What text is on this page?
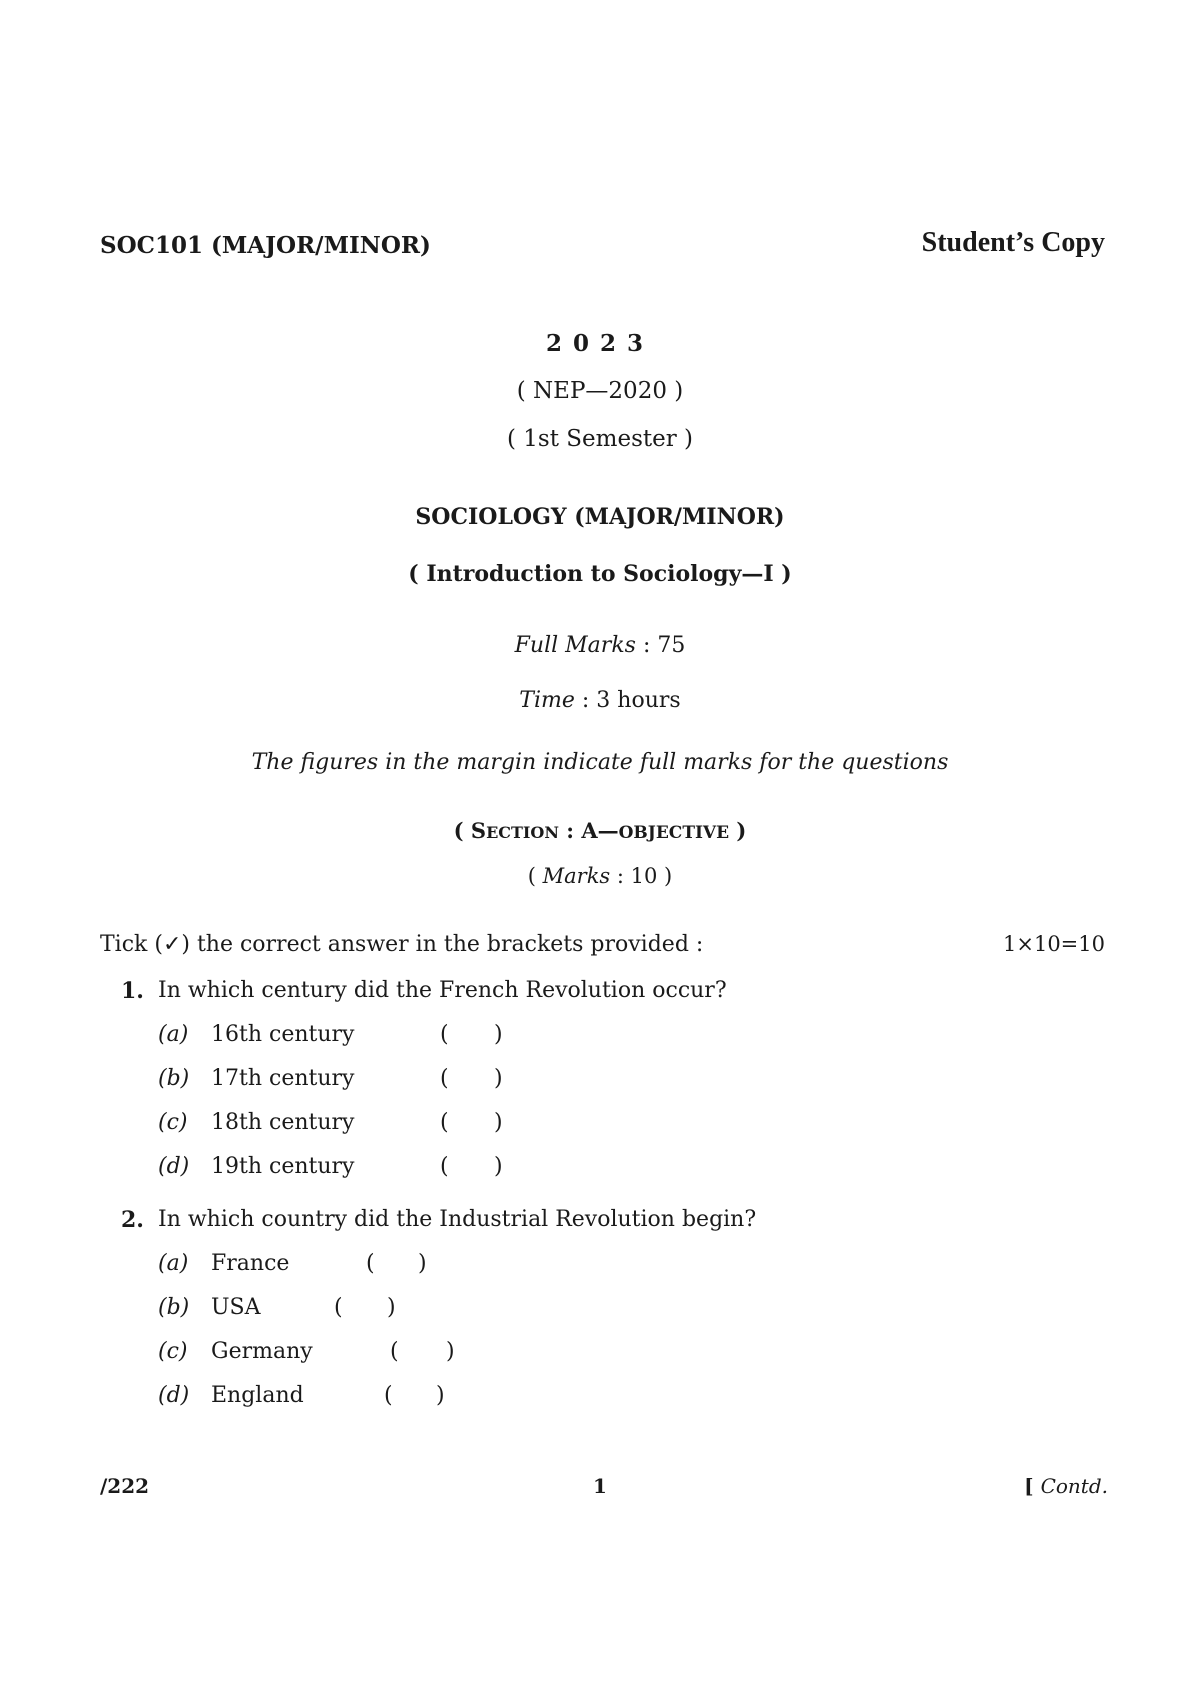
SOC101 (MAJOR/MINOR)	Student’s Copy
2023
( NEP—2020 )
( 1st Semester )
SOCIOLOGY (MAJOR/MINOR)
( Introduction to Sociology—I )
Full Marks : 75
Time : 3 hours
The figures in the margin indicate full marks for the questions
( SECTION : A—OBJECTIVE )
( Marks : 10 )
Tick (✓) the correct answer in the brackets provided :	1×10=10
1. In which century did the French Revolution occur?
(a) 16th century	( )
(b) 17th century	( )
(c) 18th century	( )
(d) 19th century	( )
2. In which country did the Industrial Revolution begin?
(a) France	( )
(b) USA	( )
(c) Germany	( )
(d) England	( )
/222	1	[ Contd.
